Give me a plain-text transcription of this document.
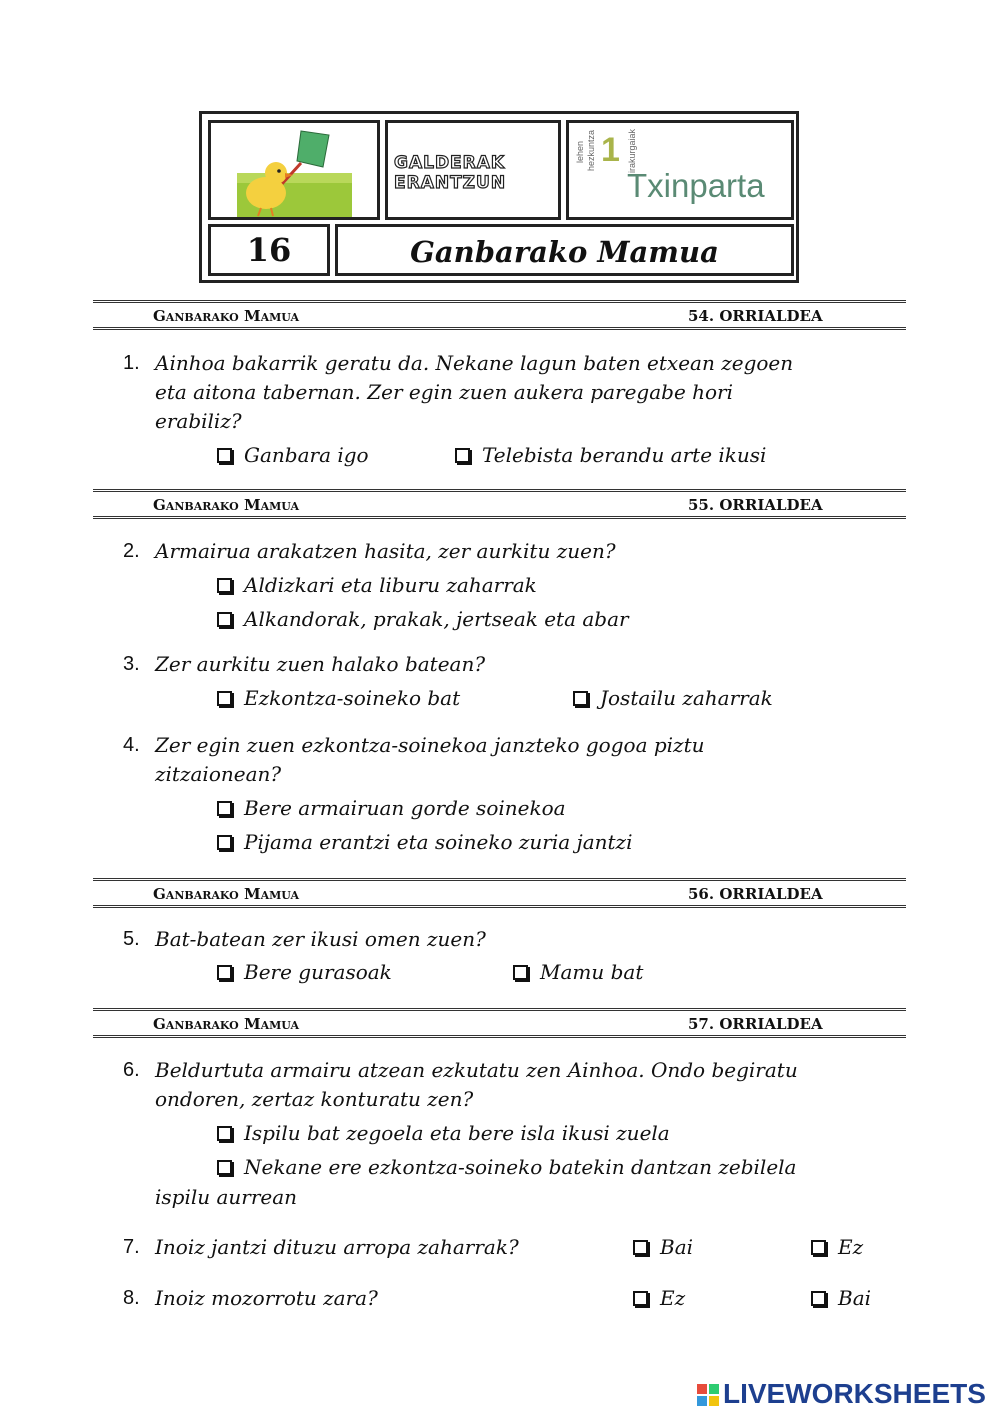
GALDERAK
ERANTZUN
lehen hezkuntza 1 irakurgaiak
Txinparta
16	Ganbarako Mamua
Ganbarako Mamua	54. ORRIALDEA
1. Ainhoa bakarrik geratu da. Nekane lagun baten etxean zegoen
eta aitona tabernan. Zer egin zuen aukera paregabe hori
erabiliz?
Ganbara igo	Telebista berandu arte ikusi
Ganbarako Mamua	55. ORRIALDEA
2. Armairua arakatzen hasita, zer aurkitu zuen?
Aldizkari eta liburu zaharrak
Alkandorak, prakak, jertseak eta abar
3. Zer aurkitu zuen halako batean?
Ezkontza-soineko bat	Jostailu zaharrak
4. Zer egin zuen ezkontza-soinekoa janzteko gogoa piztu
zitzaionean?
Bere armairuan gorde soinekoa
Pijama erantzi eta soineko zuria jantzi
Ganbarako Mamua	56. ORRIALDEA
5. Bat-batean zer ikusi omen zuen?
Bere gurasoak	Mamu bat
Ganbarako Mamua	57. ORRIALDEA
6. Beldurtuta armairu atzean ezkutatu zen Ainhoa. Ondo begiratu
ondoren, zertaz konturatu zen?
Ispilu bat zegoela eta bere isla ikusi zuela
Nekane ere ezkontza-soineko batekin dantzan zebilela
ispilu aurrean
7. Inoiz jantzi dituzu arropa zaharrak?	Bai	Ez
8. Inoiz mozorrotu zara?	Ez	Bai
LIVEWORKSHEETS
